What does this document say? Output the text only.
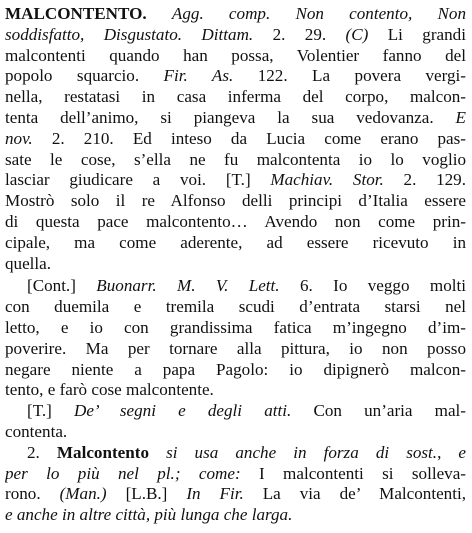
MALCONTENTO. Agg. comp. Non contento, Non
soddisfatto, Disgustato. Dittam. 2. 29. (C) Li grandi
malcontenti quando han possa, Volentier fanno del
popolo squarcio. Fir. As. 122. La povera vergi-
nella, restatasi in casa inferma del corpo, malcon-
tenta dell’animo, si piangeva la sua vedovanza. E
nov. 2. 210. Ed inteso da Lucia come erano pas-
sate le cose, s’ella ne fu malcontenta io lo voglio
lasciar giudicare a voi. [T.] Machiav. Stor. 2. 129.
Mostrò solo il re Alfonso delli principi d’Italia essere
di questa pace malcontento… Avendo non come prin-
cipale, ma come aderente, ad essere ricevuto in
quella.
[Cont.] Buonarr. M. V. Lett. 6. Io veggo molti
con duemila e tremila scudi d’entrata starsi nel
letto, e io con grandissima fatica m’ingegno d’im-
poverire. Ma per tornare alla pittura, io non posso
negare niente a papa Pagolo: io dipignerò malcon-
tento, e farò cose malcontente.
[T.] De’ segni e degli atti. Con un’aria mal-
contenta.
2. Malcontento si usa anche in forza di sost., e
per lo più nel pl.; come: I malcontenti si solleva-
rono. (Man.) [L.B.] In Fir. La via de’ Malcontenti,
e anche in altre città, più lunga che larga.
